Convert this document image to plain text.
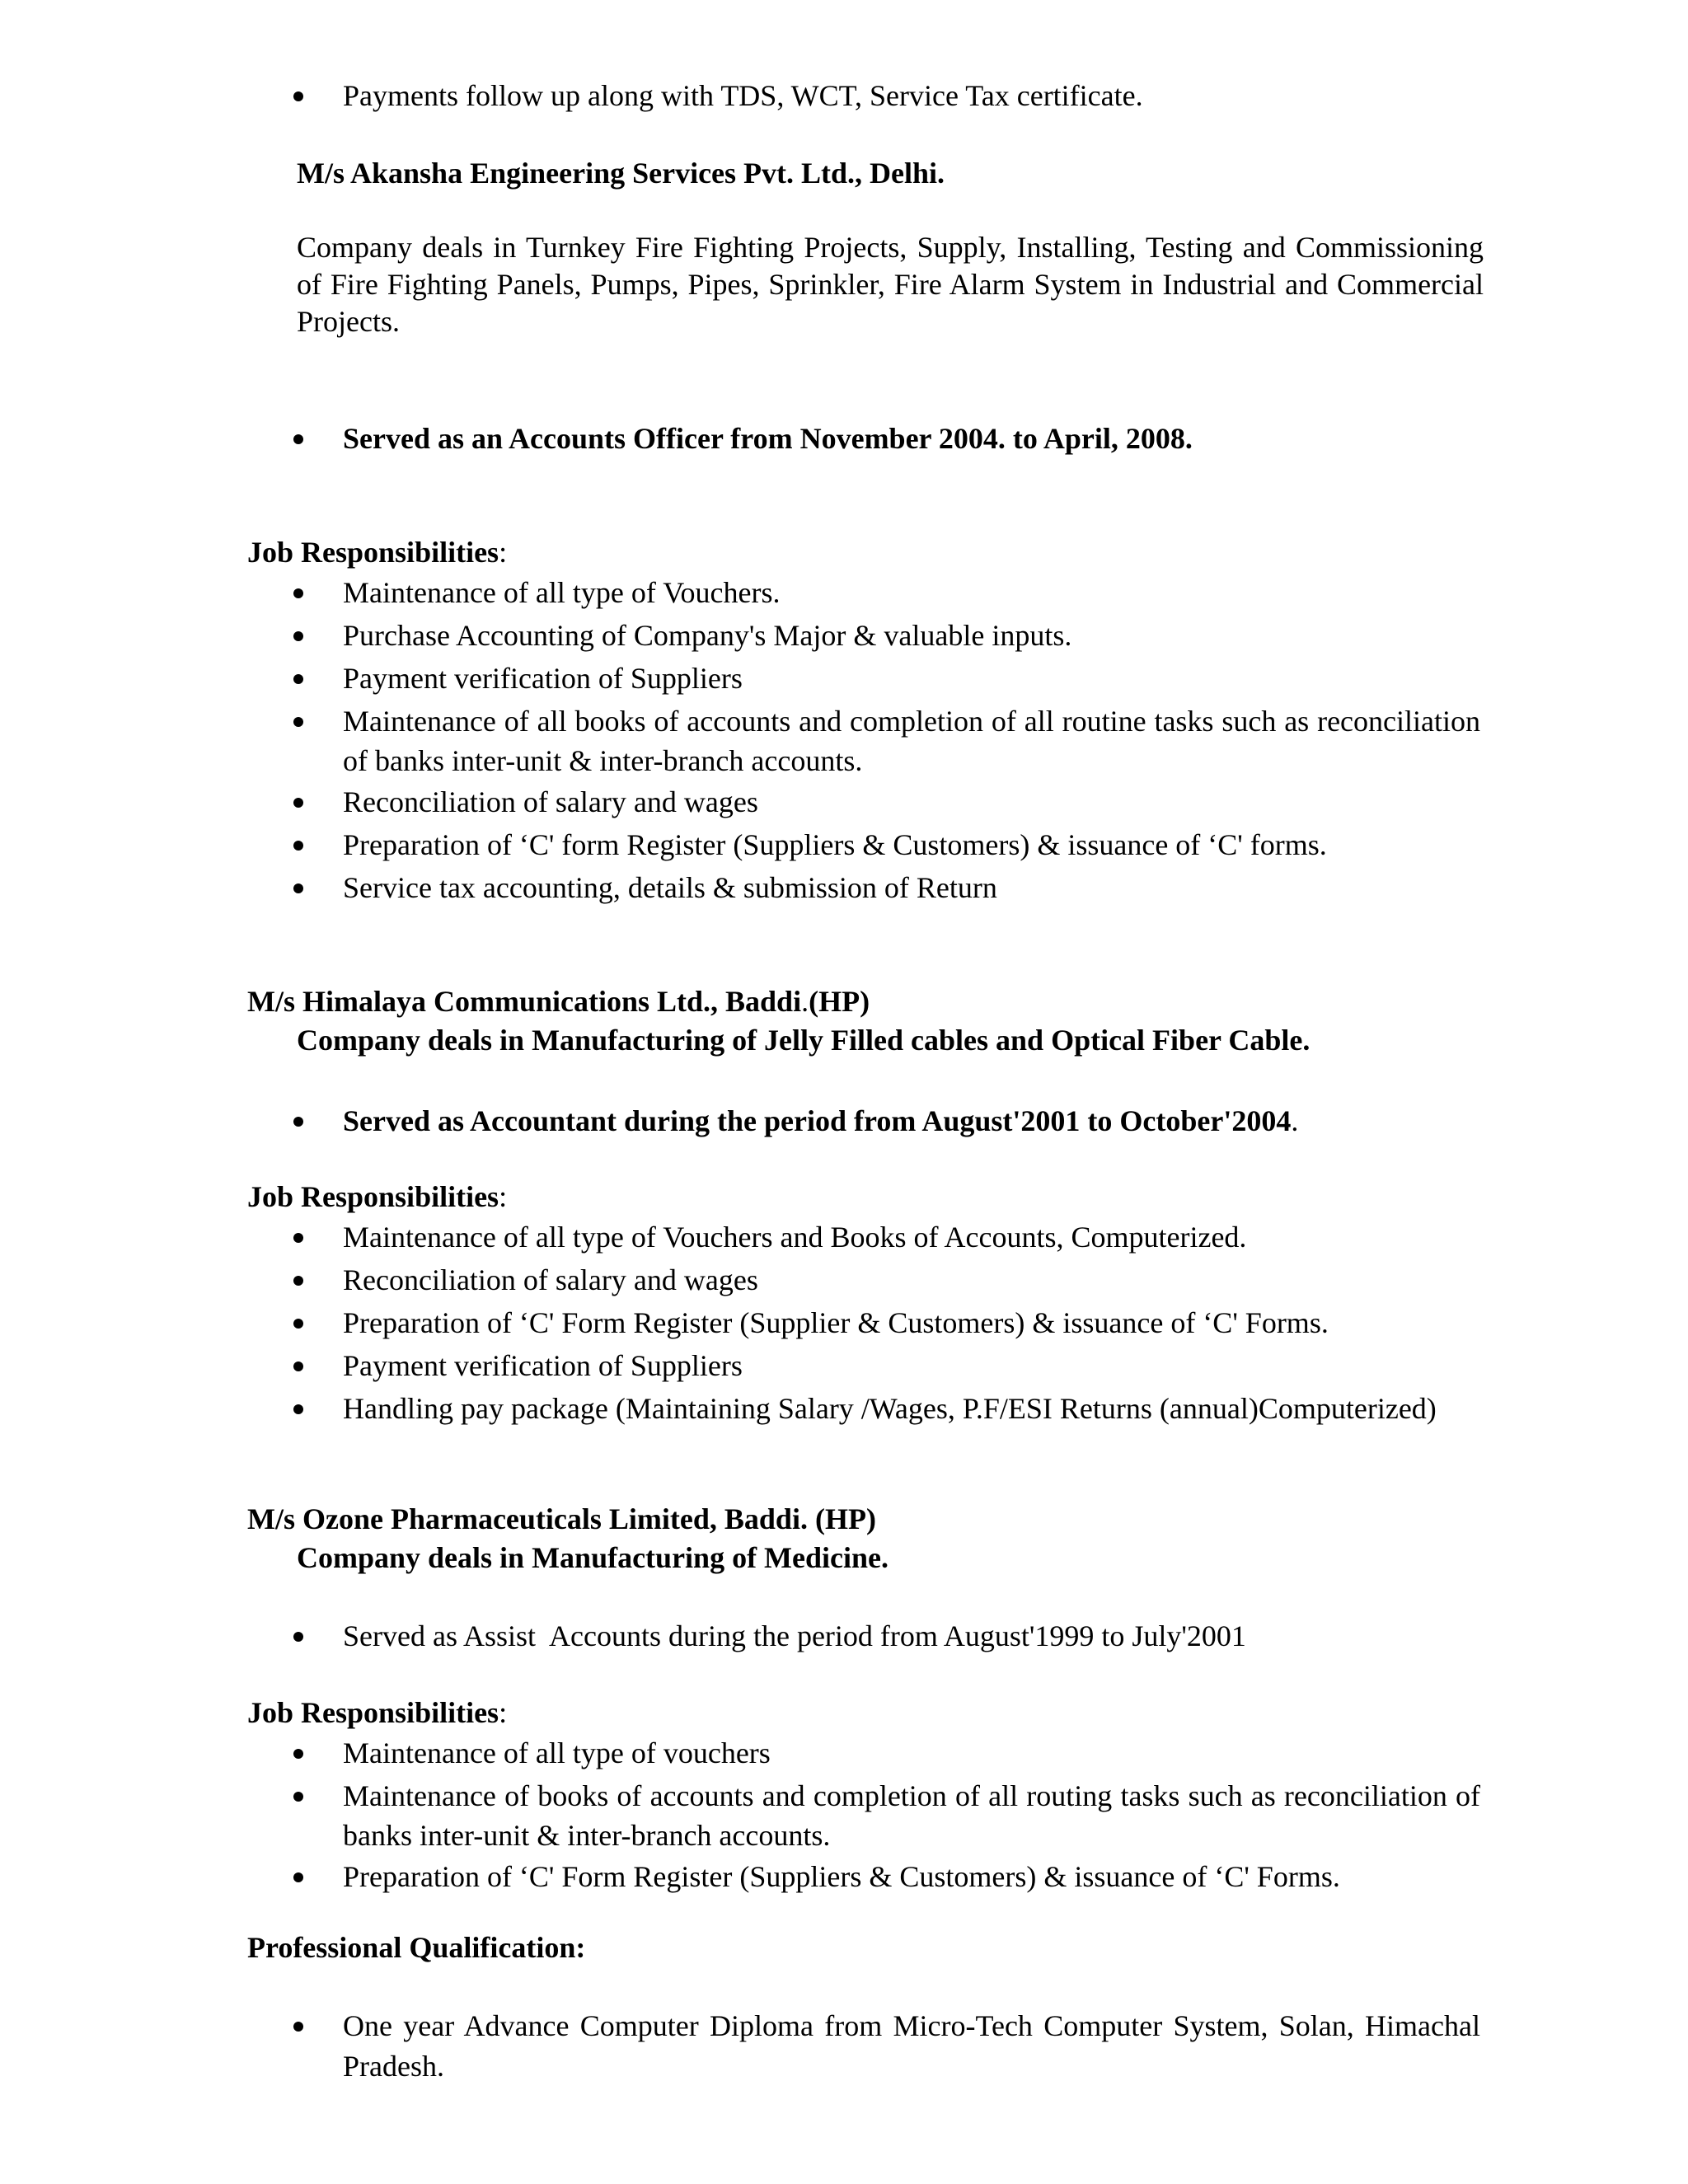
Payments follow up along with TDS, WCT, Service Tax certificate.
M/s Akansha Engineering Services Pvt. Ltd., Delhi.
Company deals in Turnkey Fire Fighting Projects, Supply, Installing, Testing and Commissioning of Fire Fighting Panels, Pumps, Pipes, Sprinkler, Fire Alarm System in Industrial and Commercial Projects.
Served as an Accounts Officer from November 2004. to April, 2008.
Job Responsibilities:
Maintenance of all type of Vouchers.
Purchase Accounting of Company's Major & valuable inputs.
Payment verification of Suppliers
Maintenance of all books of accounts and completion of all routine tasks such as reconciliation of banks inter-unit & inter-branch accounts.
Reconciliation of salary and wages
Preparation of ‘C' form Register (Suppliers & Customers) & issuance of ‘C' forms.
Service tax accounting, details & submission of Return
M/s Himalaya Communications Ltd., Baddi.(HP)
Company deals in Manufacturing of Jelly Filled cables and Optical Fiber Cable.
Served as Accountant during the period from August'2001 to October'2004.
Job Responsibilities:
Maintenance of all type of Vouchers and Books of Accounts, Computerized.
Reconciliation of salary and wages
Preparation of ‘C' Form Register (Supplier & Customers) & issuance of ‘C' Forms.
Payment verification of Suppliers
Handling pay package (Maintaining Salary /Wages, P.F/ESI Returns (annual)Computerized)
M/s Ozone Pharmaceuticals Limited, Baddi. (HP)
Company deals in Manufacturing of Medicine.
Served as Assist  Accounts during the period from August'1999 to July'2001
Job Responsibilities:
Maintenance of all type of vouchers
Maintenance of books of accounts and completion of all routing tasks such as reconciliation of banks inter-unit & inter-branch accounts.
Preparation of ‘C' Form Register (Suppliers & Customers) & issuance of ‘C' Forms.
Professional Qualification:
One year Advance Computer Diploma from Micro-Tech Computer System, Solan, Himachal Pradesh.
